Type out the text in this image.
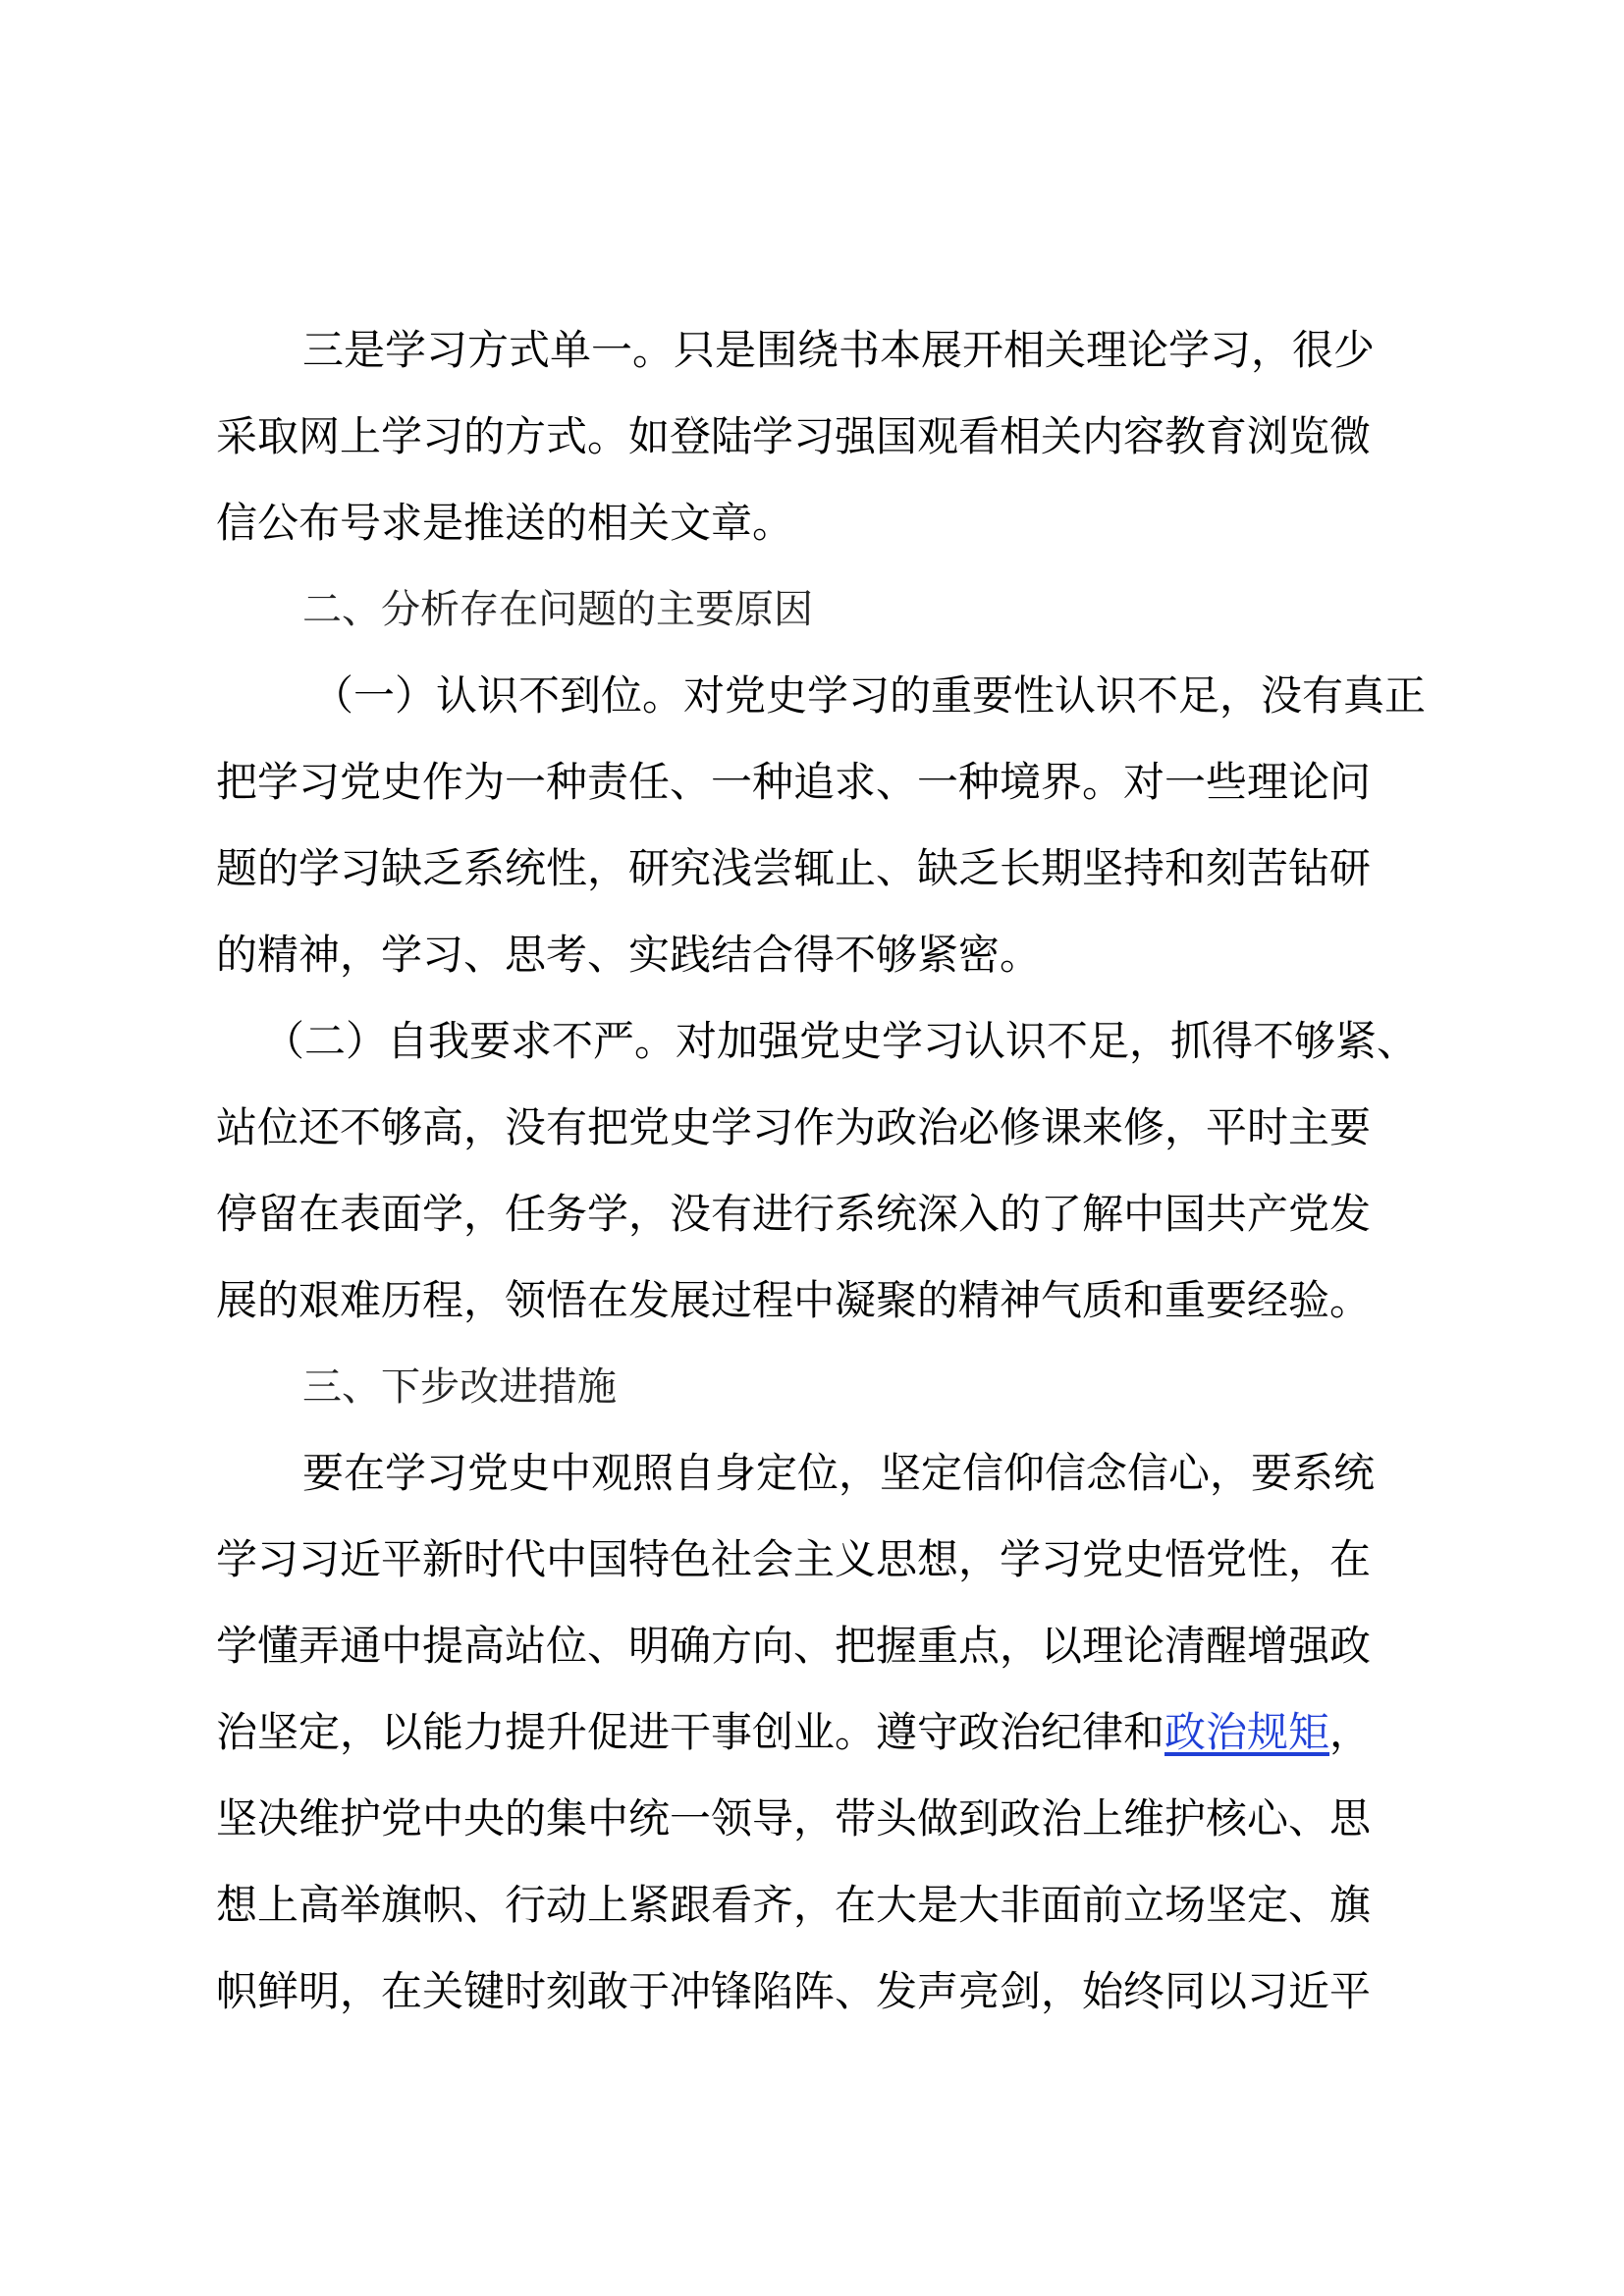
三是学习方式单一。只是围绕书本展开相关理论学习，很少
采取网上学习的方式。如登陆学习强国观看相关内容教育浏览微
信公布号求是推送的相关文章。
二、分析存在问题的主要原因
（一）认识不到位。对党史学习的重要性认识不足，没有真正
把学习党史作为一种责任、一种追求、一种境界。对一些理论问
题的学习缺乏系统性，研究浅尝辄止、缺乏长期坚持和刻苦钻研
的精神，学习、思考、实践结合得不够紧密。
（二）自我要求不严。对加强党史学习认识不足，抓得不够紧、
站位还不够高，没有把党史学习作为政治必修课来修，平时主要
停留在表面学，任务学，没有进行系统深入的了解中国共产党发
展的艰难历程，领悟在发展过程中凝聚的精神气质和重要经验。
三、下步改进措施
要在学习党史中观照自身定位，坚定信仰信念信心，要系统
学习习近平新时代中国特色社会主义思想，学习党史悟党性，在
学懂弄通中提高站位、明确方向、把握重点，以理论清醒增强政
治坚定，以能力提升促进干事创业。遵守政治纪律和政治规矩，
坚决维护党中央的集中统一领导，带头做到政治上维护核心、思
想上高举旗帜、行动上紧跟看齐，在大是大非面前立场坚定、旗
帜鲜明，在关键时刻敢于冲锋陷阵、发声亮剑，始终同以习近平
